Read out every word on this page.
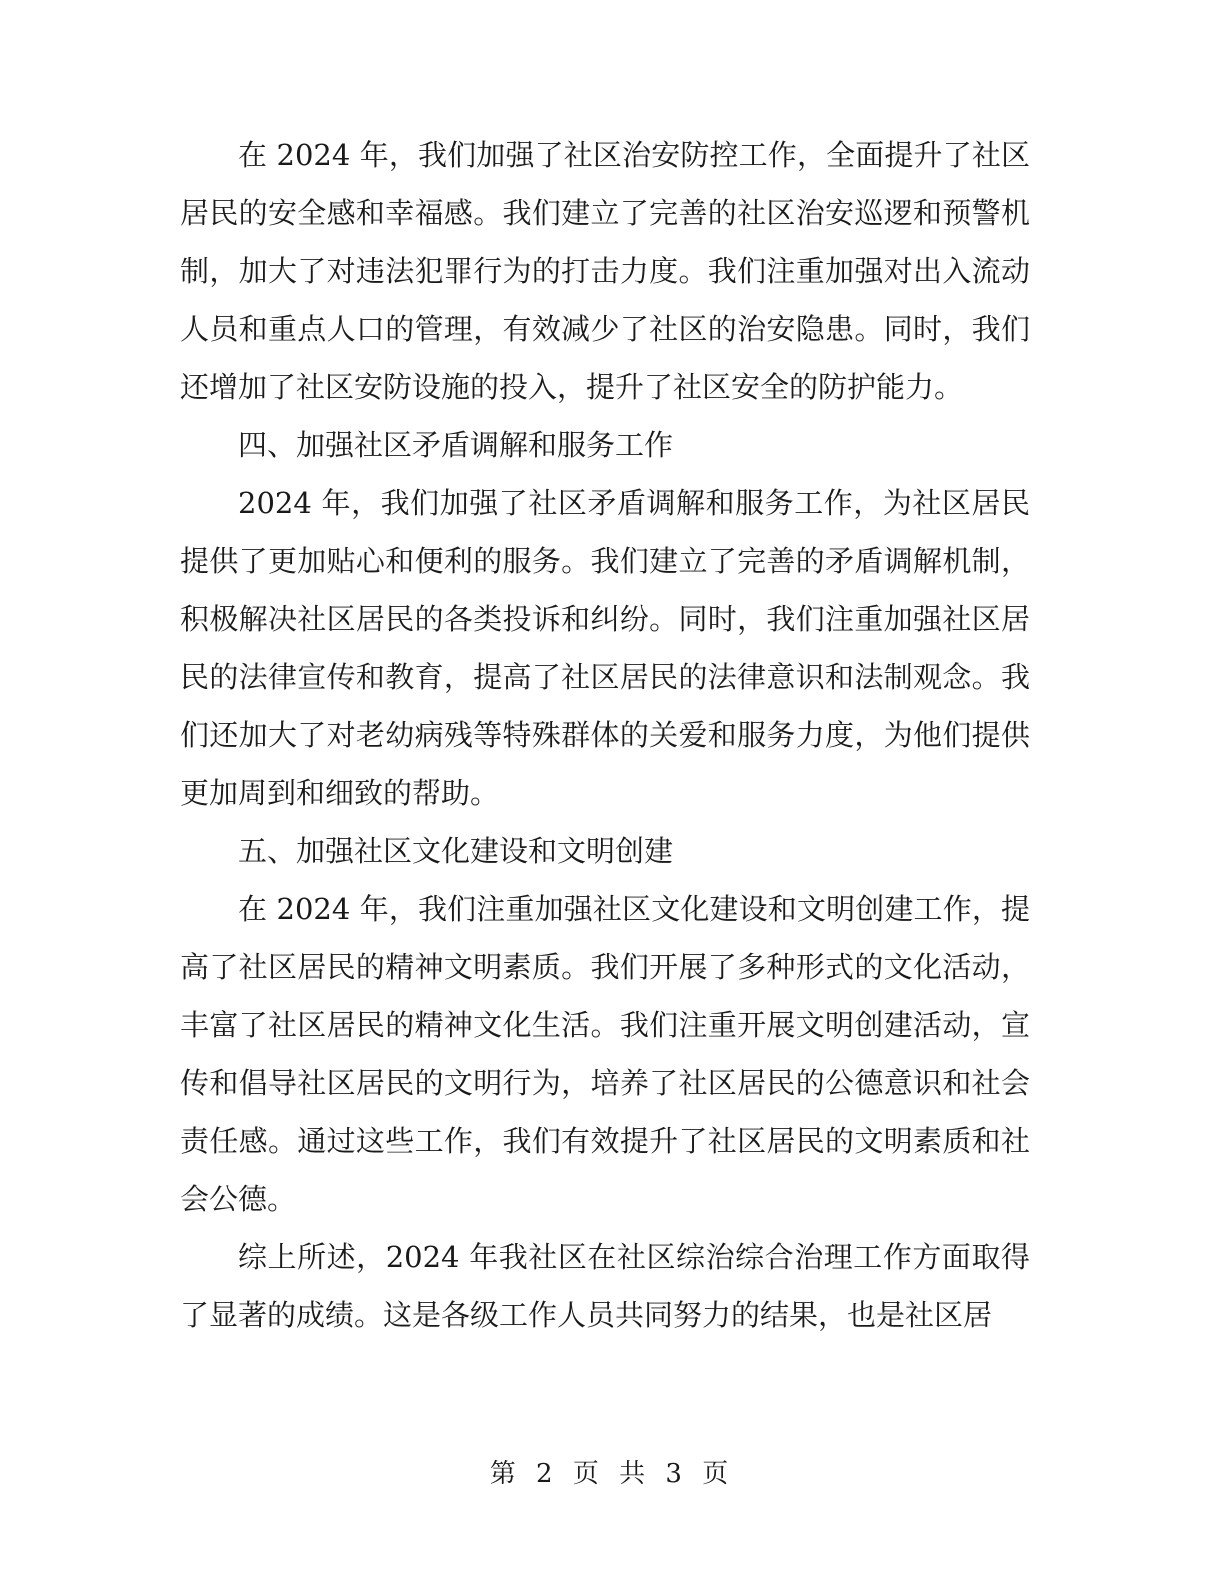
在 2024 年，我们加强了社区治安防控工作，全面提升了社区居民的安全感和幸福感。我们建立了完善的社区治安巡逻和预警机制，加大了对违法犯罪行为的打击力度。我们注重加强对出入流动人员和重点人口的管理，有效减少了社区的治安隐患。同时，我们还增加了社区安防设施的投入，提升了社区安全的防护能力。

四、加强社区矛盾调解和服务工作

2024 年，我们加强了社区矛盾调解和服务工作，为社区居民提供了更加贴心和便利的服务。我们建立了完善的矛盾调解机制，积极解决社区居民的各类投诉和纠纷。同时，我们注重加强社区居民的法律宣传和教育，提高了社区居民的法律意识和法制观念。我们还加大了对老幼病残等特殊群体的关爱和服务力度，为他们提供更加周到和细致的帮助。

五、加强社区文化建设和文明创建

在 2024 年，我们注重加强社区文化建设和文明创建工作，提高了社区居民的精神文明素质。我们开展了多种形式的文化活动，丰富了社区居民的精神文化生活。我们注重开展文明创建活动，宣传和倡导社区居民的文明行为，培养了社区居民的公德意识和社会责任感。通过这些工作，我们有效提升了社区居民的文明素质和社会公德。

综上所述，2024 年我社区在社区综治综合治理工作方面取得了显著的成绩。这是各级工作人员共同努力的结果，也是社区居

第 2 页 共 3 页
